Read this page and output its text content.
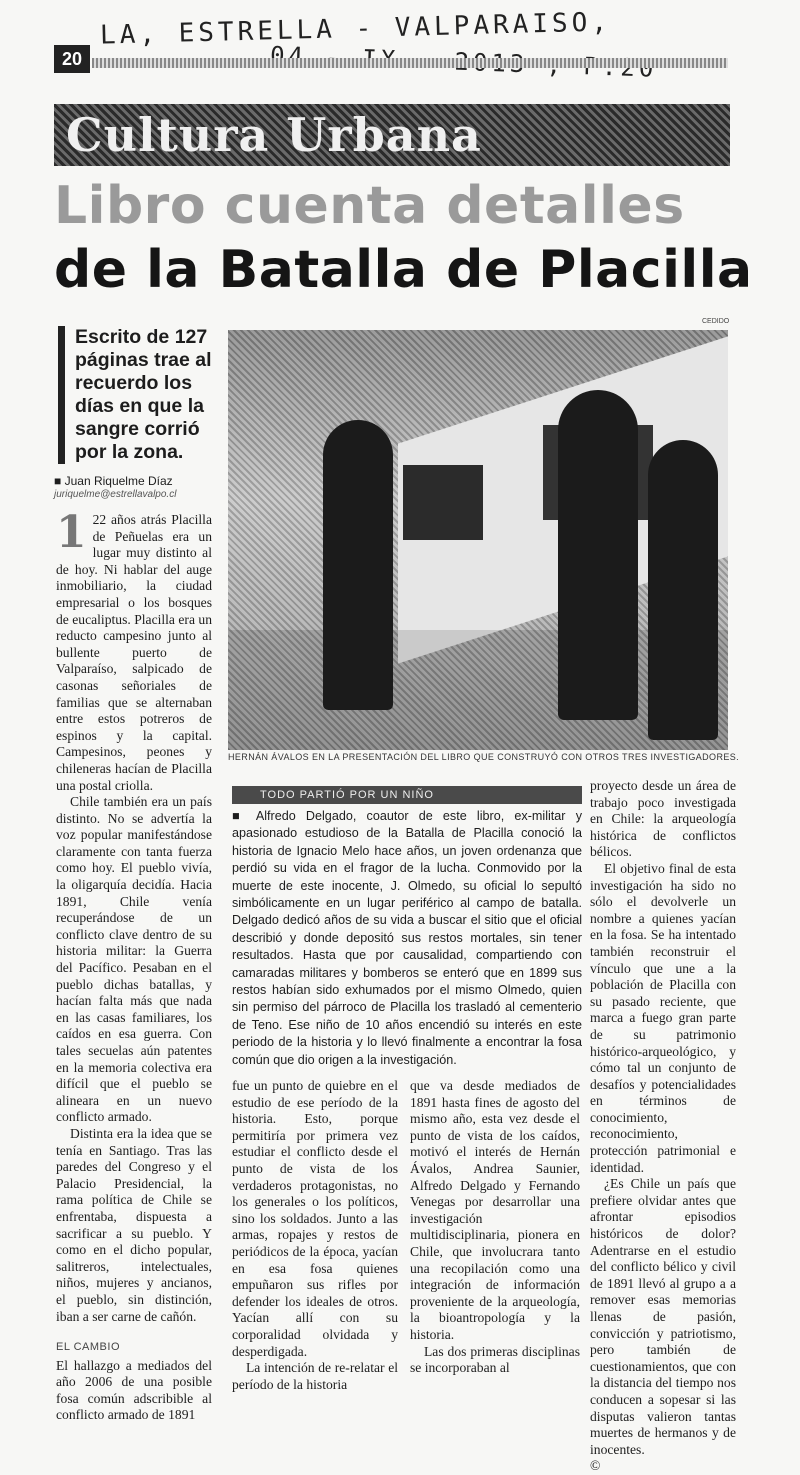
LA, ESTRELLA - VALPARAISO,
20
Cultura Urbana
Libro cuenta detalles
de la Batalla de Placilla
Escrito de 127 páginas trae al recuerdo los días en que la sangre corrió por la zona.
■ Juan Riquelme Díaz
juriquelme@estrellavalpo.cl
CEDIDO
HERNÁN ÁVALOS EN LA PRESENTACIÓN DEL LIBRO QUE CONSTRUYÓ CON OTROS TRES INVESTIGADORES.
1 22 años atrás Placilla de Peñuelas era un lugar muy distinto al de hoy. Ni hablar del auge inmobiliario, la ciudad empresarial o los bosques de eucaliptus. Placilla era un reducto campesino junto al bullente puerto de Valparaíso, salpicado de casonas señoriales de familias que se alternaban entre estos potreros de espinos y la capital. Campesinos, peones y chileneras hacían de Placilla una postal criolla.

Chile también era un país distinto. No se advertía la voz popular manifestándose claramente con tanta fuerza como hoy. El pueblo vivía, la oligarquía decidía. Hacia 1891, Chile venía recuperándose de un conflicto clave dentro de su historia militar: la Guerra del Pacífico. Pesaban en el pueblo dichas batallas, y hacían falta más que nada en las casas familiares, los caídos en esa guerra. Con tales secuelas aún patentes en la memoria colectiva era difícil que el pueblo se alineara en un nuevo conflicto armado.

Distinta era la idea que se tenía en Santiago. Tras las paredes del Congreso y el Palacio Presidencial, la rama política de Chile se enfrentaba, dispuesta a sacrificar a su pueblo. Y como en el dicho popular, salitreros, intelectuales, niños, mujeres y ancianos, el pueblo, sin distinción, iban a ser carne de cañón.

EL CAMBIO

El hallazgo a mediados del año 2006 de una posible fosa común adscribible al conflicto armado de 1891

TODO PARTIÓ POR UN NIÑO
■ Alfredo Delgado, coautor de este libro, ex-militar y apasionado estudioso de la Batalla de Placilla conoció la historia de Ignacio Melo hace años, un joven ordenanza que perdió su vida en el fragor de la lucha. Conmovido por la muerte de este inocente, J. Olmedo, su oficial lo sepultó simbólicamente en un lugar periférico al campo de batalla. Delgado dedicó años de su vida a buscar el sitio que el oficial describió y donde depositó sus restos mortales, sin tener resultados. Hasta que por causalidad, compartiendo con camaradas militares y bomberos se enteró que en 1899 sus restos habían sido exhumados por el mismo Olmedo, quien sin permiso del párroco de Placilla los trasladó al cementerio de Teno. Ese niño de 10 años encendió su interés en este periodo de la historia y lo llevó finalmente a encontrar la fosa común que dio origen a la investigación.

fue un punto de quiebre en el estudio de ese período de la historia. Esto, porque permitiría por primera vez estudiar el conflicto desde el punto de vista de los verdaderos protagonistas, no los generales o los políticos, sino los soldados. Junto a las armas, ropajes y restos de periódicos de la época, yacían en esa fosa quienes empuñaron sus rifles por defender los ideales de otros. Yacían allí con su corporalidad olvidada y desperdigada.

La intención de re-relatar el período de la historia

que va desde mediados de 1891 hasta fines de agosto del mismo año, esta vez desde el punto de vista de los caídos, motivó el interés de Hernán Ávalos, Andrea Saunier, Alfredo Delgado y Fernando Venegas por desarrollar una investigación multidisciplinaria, pionera en Chile, que involucrara tanto una recopilación como una integración de información proveniente de la arqueología, la bioantropología y la historia.

Las dos primeras disciplinas se incorporaban al

proyecto desde un área de trabajo poco investigada en Chile: la arqueología histórica de conflictos bélicos.

El objetivo final de esta investigación ha sido no sólo el devolverle un nombre a quienes yacían en la fosa. Se ha intentado también reconstruir el vínculo que une a la población de Placilla con su pasado reciente, que marca a fuego gran parte de su patrimonio histórico-arqueológico, y cómo tal un conjunto de desafíos y potencialidades en términos de conocimiento, reconocimiento, protección patrimonial e identidad.

¿Es Chile un país que prefiere olvidar antes que afrontar episodios históricos de dolor? Adentrarse en el estudio del conflicto bélico y civil de 1891 llevó al grupo a a remover esas memorias llenas de pasión, convicción y patriotismo, pero también de cuestionamientos, que con la distancia del tiempo nos conducen a sopesar si las disputas valieron tantas muertes de hermanos y de inocentes.

©
